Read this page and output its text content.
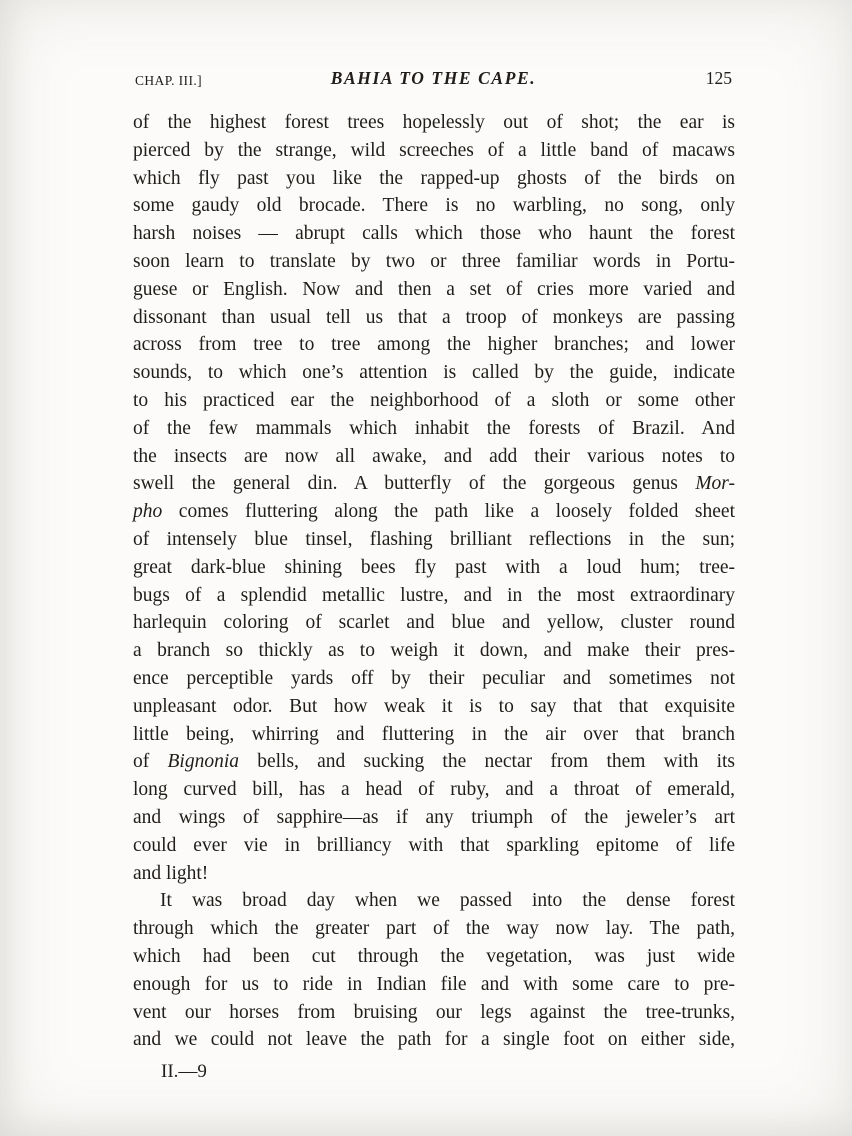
CHAP. III.]	BAHIA TO THE CAPE.	125
of the highest forest trees hopelessly out of shot; the ear is
pierced by the strange, wild screeches of a little band of macaws
which fly past you like the rapped-up ghosts of the birds on
some gaudy old brocade. There is no warbling, no song, only
harsh noises — abrupt calls which those who haunt the forest
soon learn to translate by two or three familiar words in Portu-
guese or English. Now and then a set of cries more varied and
dissonant than usual tell us that a troop of monkeys are passing
across from tree to tree among the higher branches; and lower
sounds, to which one’s attention is called by the guide, indicate
to his practiced ear the neighborhood of a sloth or some other
of the few mammals which inhabit the forests of Brazil. And
the insects are now all awake, and add their various notes to
swell the general din. A butterfly of the gorgeous genus Mor-
pho comes fluttering along the path like a loosely folded sheet
of intensely blue tinsel, flashing brilliant reflections in the sun;
great dark-blue shining bees fly past with a loud hum; tree-
bugs of a splendid metallic lustre, and in the most extraordinary
harlequin coloring of scarlet and blue and yellow, cluster round
a branch so thickly as to weigh it down, and make their pres-
ence perceptible yards off by their peculiar and sometimes not
unpleasant odor. But how weak it is to say that that exquisite
little being, whirring and fluttering in the air over that branch
of Bignonia bells, and sucking the nectar from them with its
long curved bill, has a head of ruby, and a throat of emerald,
and wings of sapphire—as if any triumph of the jeweler’s art
could ever vie in brilliancy with that sparkling epitome of life
and light!
It was broad day when we passed into the dense forest
through which the greater part of the way now lay. The path,
which had been cut through the vegetation, was just wide
enough for us to ride in Indian file and with some care to pre-
vent our horses from bruising our legs against the tree-trunks,
and we could not leave the path for a single foot on either side,
II.—9
